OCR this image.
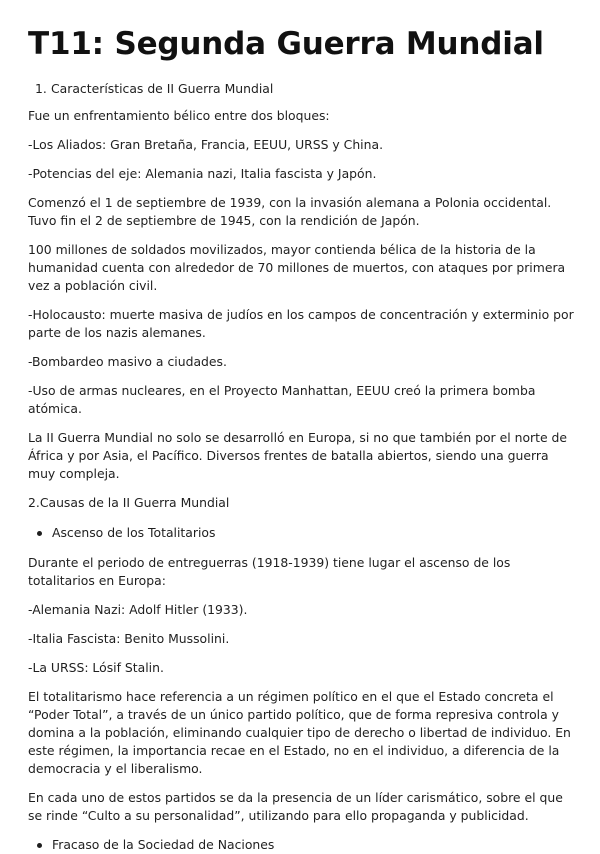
T11: Segunda Guerra Mundial
1. Características de II Guerra Mundial

Fue un enfrentamiento bélico entre dos bloques:

-Los Aliados: Gran Bretaña, Francia, EEUU, URSS y China.

-Potencias del eje: Alemania nazi, Italia fascista y Japón.

Comenzó el 1 de septiembre de 1939, con la invasión alemana a Polonia occidental. Tuvo fin el 2 de septiembre de 1945, con la rendición de Japón.

100 millones de soldados movilizados, mayor contienda bélica de la historia de la humanidad cuenta con alrededor de 70 millones de muertos, con ataques por primera vez a población civil.

-Holocausto: muerte masiva de judíos en los campos de concentración y exterminio por parte de los nazis alemanes.

-Bombardeo masivo a ciudades.

-Uso de armas nucleares, en el Proyecto Manhattan, EEUU creó la primera bomba atómica.

La II Guerra Mundial no solo se desarrolló en Europa, si no que también por el norte de África y por Asia, el Pacífico. Diversos frentes de batalla abiertos, siendo una guerra muy compleja.

2.Causas de la II Guerra Mundial
Ascenso de los Totalitarios

Durante el periodo de entreguerras (1918-1939) tiene lugar el ascenso de los totalitarios en Europa:

-Alemania Nazi: Adolf Hitler (1933).

-Italia Fascista: Benito Mussolini.

-La URSS: Lósif Stalin.

El totalitarismo hace referencia a un régimen político en el que el Estado concreta el “Poder Total”, a través de un único partido político, que de forma represiva controla y domina a la población, eliminando cualquier tipo de derecho o libertad de individuo. En este régimen, la importancia recae en el Estado, no en el individuo, a diferencia de la democracia y el liberalismo.

En cada uno de estos partidos se da la presencia de un líder carismático, sobre el que se rinde “Culto a su personalidad”, utilizando para ello propaganda y publicidad.

Fracaso de la Sociedad de Naciones
